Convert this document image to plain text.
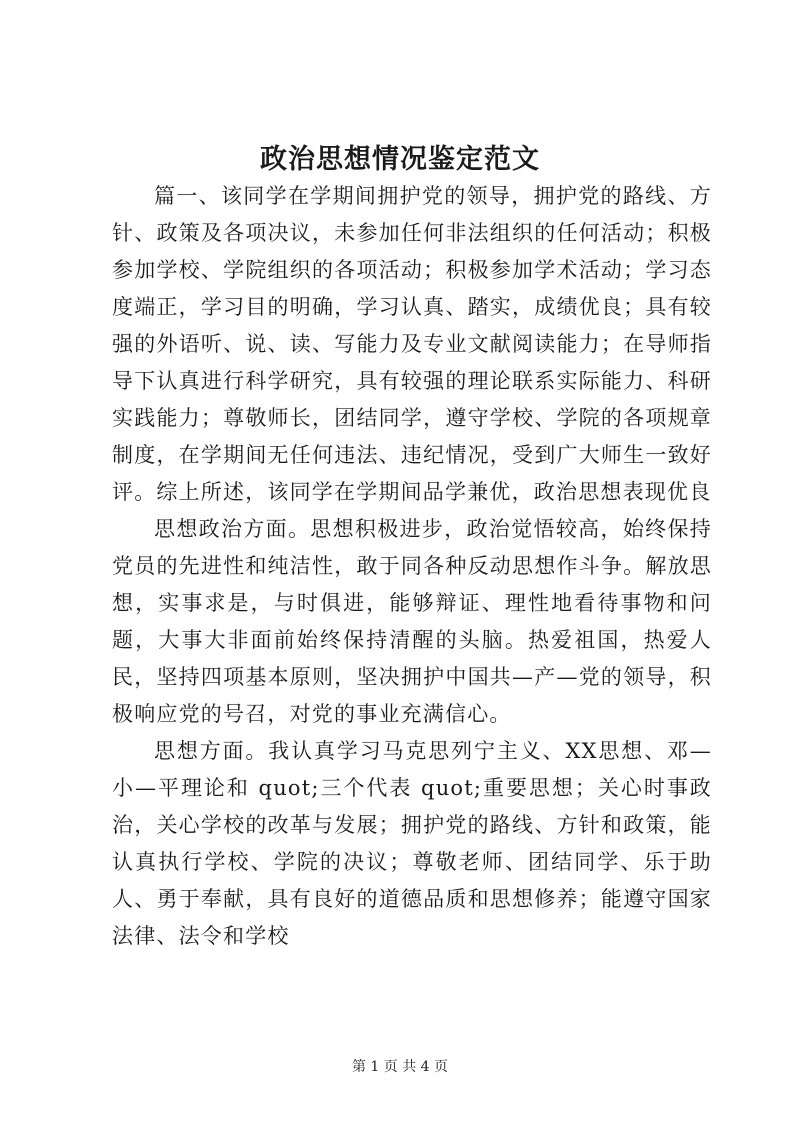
政治思想情况鉴定范文

篇一、该同学在学期间拥护党的领导，拥护党的路线、方针、政策及各项决议，未参加任何非法组织的任何活动；积极参加学校、学院组织的各项活动；积极参加学术活动；学习态度端正，学习目的明确，学习认真、踏实，成绩优良；具有较强的外语听、说、读、写能力及专业文献阅读能力；在导师指导下认真进行科学研究，具有较强的理论联系实际能力、科研实践能力；尊敬师长，团结同学，遵守学校、学院的各项规章制度，在学期间无任何违法、违纪情况，受到广大师生一致好评。综上所述，该同学在学期间品学兼优，政治思想表现优良

思想政治方面。思想积极进步，政治觉悟较高，始终保持党员的先进性和纯洁性，敢于同各种反动思想作斗争。解放思想，实事求是，与时俱进，能够辩证、理性地看待事物和问题，大事大非面前始终保持清醒的头脑。热爱祖国，热爱人民，坚持四项基本原则，坚决拥护中国共—产—党的领导，积极响应党的号召，对党的事业充满信心。

思想方面。我认真学习马克思列宁主义、XX思想、邓—小—平理论和 quot;三个代表 quot;重要思想；关心时事政治，关心学校的改革与发展；拥护党的路线、方针和政策，能认真执行学校、学院的决议；尊敬老师、团结同学、乐于助人、勇于奉献，具有良好的道德品质和思想修养；能遵守国家法律、法令和学校

第 1 页 共 4 页
